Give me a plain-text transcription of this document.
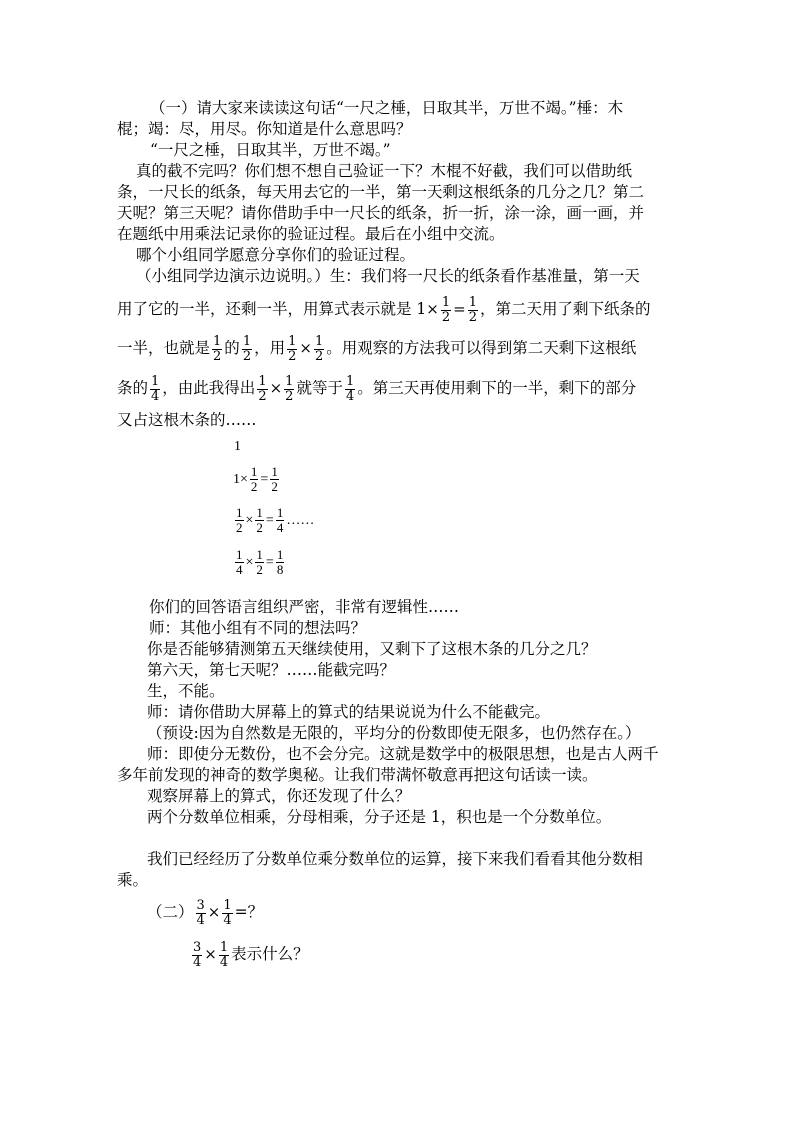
（一）请大家来读读这句话“一尺之棰，日取其半，万世不竭。”棰：木
棍；竭：尽，用尽。你知道是什么意思吗？
“一尺之棰，日取其半，万世不竭。”
真的截不完吗？你们想不想自己验证一下？木棍不好截，我们可以借助纸
条，一尺长的纸条，每天用去它的一半，第一天剩这根纸条的几分之几？第二
天呢？第三天呢？请你借助手中一尺长的纸条，折一折，涂一涂，画一画，并
在题纸中用乘法记录你的验证过程。最后在小组中交流。
哪个小组同学愿意分享你们的验证过程。
（小组同学边演示边说明。）生：我们将一尺长的纸条看作基准量，第一天
用了它的一半，还剩一半，用算式表示就是 $1\times \frac{1}{2} = \frac{1}{2}$ ，第二天用了剩下纸条的
一半，也就是 $\frac{1}{2}$ 的 $\frac{1}{2}$ ，用 $\frac{1}{2} \times \frac{1}{2}$ 。用观察的方法我可以得到第二天剩下这根纸
条的 $\frac{1}{4}$ ，由此我得出 $\frac{1}{2} \times \frac{1}{2}$ 就等于 $\frac{1}{4}$ 。第三天再使用剩下的一半，剩下的部分
又占这根木条的……
1
$1\times \frac{1}{2} = \frac{1}{2}$
$\frac{1}{2} \times \frac{1}{2} = \frac{1}{4}$ ……
$\frac{1}{4} \times \frac{1}{2} = \frac{1}{8}$
你们的回答语言组织严密，非常有逻辑性……
师：其他小组有不同的想法吗？
你是否能够猜测第五天继续使用，又剩下了这根木条的几分之几？
第六天，第七天呢？……能截完吗？
生，不能。
师：请你借助大屏幕上的算式的结果说说为什么不能截完。
（预设:因为自然数是无限的，平均分的份数即使无限多，也仍然存在。）
师：即使分无数份，也不会分完。这就是数学中的极限思想，也是古人两千
多年前发现的神奇的数学奥秘。让我们带满怀敬意再把这句话读一读。
观察屏幕上的算式，你还发现了什么？
两个分数单位相乘，分母相乘，分子还是 1，积也是一个分数单位。
我们已经经历了分数单位乘分数单位的运算，接下来我们看看其他分数相
乘。
（二） $\frac{3}{4} \times \frac{1}{4}$ =？
$\frac{3}{4} \times \frac{1}{4}$ 表示什么？
